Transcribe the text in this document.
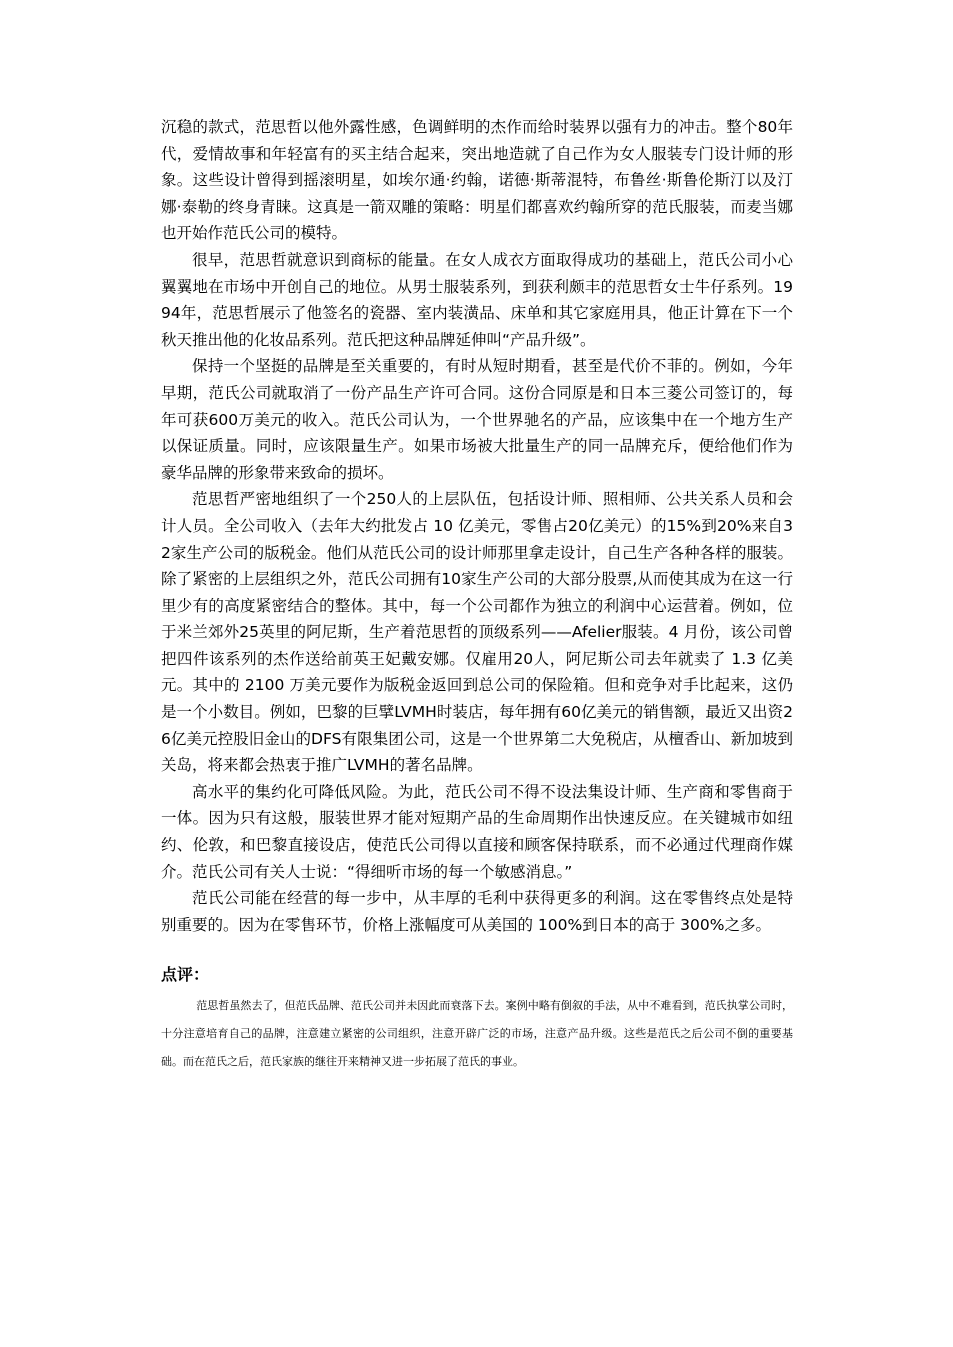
沉稳的款式，范思哲以他外露性感，色调鲜明的杰作而给时装界以强有力的冲击。整个80年代，爱情故事和年轻富有的买主结合起来，突出地造就了自己作为女人服装专门设计师的形象。这些设计曾得到摇滚明星，如埃尔通·约翰，诺德·斯蒂混特，布鲁丝·斯鲁伦斯汀以及汀娜·泰勒的终身青睐。这真是一箭双雕的策略：明星们都喜欢约翰所穿的范氏服装，而麦当娜也开始作范氏公司的模特。

很早，范思哲就意识到商标的能量。在女人成衣方面取得成功的基础上，范氏公司小心翼翼地在市场中开创自己的地位。从男士服装系列，到获利颇丰的范思哲女士牛仔系列。1994年，范思哲展示了他签名的瓷器、室内装潢品、床单和其它家庭用具，他正计算在下一个秋天推出他的化妆品系列。范氏把这种品牌延伸叫“产品升级”。

保持一个坚挺的品牌是至关重要的，有时从短时期看，甚至是代价不菲的。例如，今年早期，范氏公司就取消了一份产品生产许可合同。这份合同原是和日本三菱公司签订的，每年可获600万美元的收入。范氏公司认为，一个世界驰名的产品，应该集中在一个地方生产以保证质量。同时，应该限量生产。如果市场被大批量生产的同一品牌充斥，便给他们作为豪华品牌的形象带来致命的损坏。

范思哲严密地组织了一个250人的上层队伍，包括设计师、照相师、公共关系人员和会计人员。全公司收入（去年大约批发占 10 亿美元，零售占20亿美元）的15%到20%来自32家生产公司的版税金。他们从范氏公司的设计师那里拿走设计，自己生产各种各样的服装。除了紧密的上层组织之外，范氏公司拥有10家生产公司的大部分股票,从而使其成为在这一行里少有的高度紧密结合的整体。其中，每一个公司都作为独立的利润中心运营着。例如，位于米兰郊外25英里的阿尼斯，生产着范思哲的顶级系列——Afelier服装。4 月份，该公司曾把四件该系列的杰作送给前英王妃戴安娜。仅雇用20人，阿尼斯公司去年就卖了 1.3 亿美元。其中的 2100 万美元要作为版税金返回到总公司的保险箱。但和竞争对手比起来，这仍是一个小数目。例如，巴黎的巨擘LVMH时装店，每年拥有60亿美元的销售额，最近又出资26亿美元控股旧金山的DFS有限集团公司，这是一个世界第二大免税店，从檀香山、新加坡到关岛，将来都会热衷于推广LVMH的著名品牌。

高水平的集约化可降低风险。为此，范氏公司不得不设法集设计师、生产商和零售商于一体。因为只有这般，服装世界才能对短期产品的生命周期作出快速反应。在关键城市如纽约、伦敦，和巴黎直接设店，使范氏公司得以直接和顾客保持联系，而不必通过代理商作媒介。范氏公司有关人士说：“得细听市场的每一个敏感消息。”

范氏公司能在经营的每一步中，从丰厚的毛利中获得更多的利润。这在零售终点处是特别重要的。因为在零售环节，价格上涨幅度可从美国的 100%到日本的高于 300%之多。

点评：

范思哲虽然去了，但范氏品牌、范氏公司并未因此而衰落下去。案例中略有倒叙的手法，从中不难看到，范氏执掌公司时，十分注意培育自己的品牌，注意建立紧密的公司组织，注意开辟广泛的市场，注意产品升级。这些是范氏之后公司不倒的重要基础。而在范氏之后，范氏家族的继往开来精神又进一步拓展了范氏的事业。
